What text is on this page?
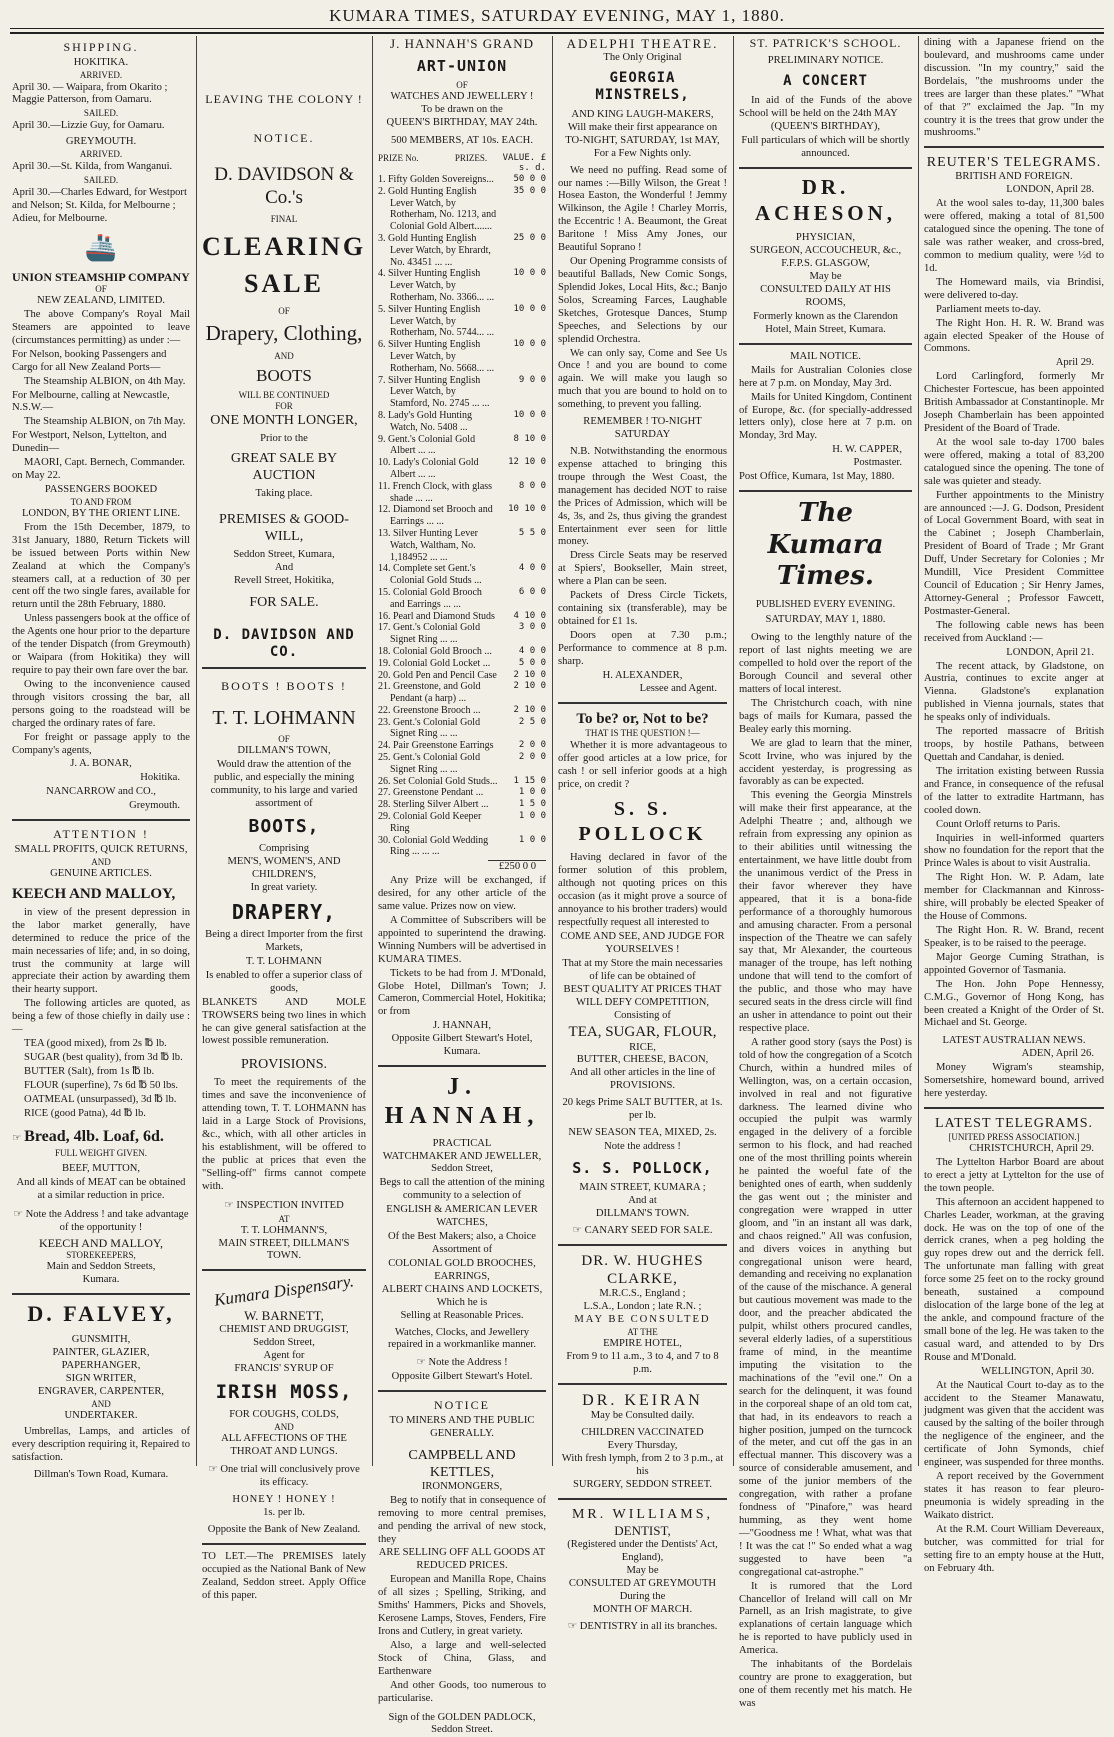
KUMARA TIMES, SATURDAY EVENING, MAY 1, 1880.
SHIPPING.
HOKITIKA.
ARRIVED.

April 30. — Waipara, from Okarito ; Maggie Patterson, from Oamaru.

SAILED.

April 30.—Lizzie Guy, for Oamaru.

GREYMOUTH.
ARRIVED.

April 30.—St. Kilda, from Wanganui.

SAILED.

April 30.—Charles Edward, for Westport and Nelson; St. Kilda, for Melbourne ; Adieu, for Melbourne.

🚢
UNION STEAMSHIP COMPANY
OF
NEW ZEALAND, LIMITED.

The above Company's Royal Mail Steamers are appointed to leave (circumstances permitting) as under :—

For Nelson, booking Passengers and Cargo for all New Zealand Ports—

The Steamship ALBION, on 4th May.

For Melbourne, calling at Newcastle, N.S.W.—

The Steamship ALBION, on 7th May.

For Westport, Nelson, Lyttelton, and Dunedin—

MAORI, Capt. Bernech, Commander. on May 22.

PASSENGERS BOOKED
TO AND FROM
LONDON, BY THE ORIENT LINE.

From the 15th December, 1879, to 31st January, 1880, Return Tickets will be issued between Ports within New Zealand at which the Company's steamers call, at a reduction of 30 per cent off the two single fares, available for return until the 28th February, 1880.

Unless passengers book at the office of the Agents one hour prior to the departure of the tender Dispatch (from Greymouth) or Waipara (from Hokitika) they will require to pay their own fare over the bar.

Owing to the inconvenience caused through visitors crossing the bar, all persons going to the roadstead will be charged the ordinary rates of fare.

For freight or passage apply to the Company's agents,

J. A. BONAR,

Hokitika.

NANCARROW and CO.,

Greymouth.

ATTENTION !
SMALL PROFITS, QUICK RETURNS,
AND
GENUINE ARTICLES.
KEECH AND MALLOY,

in view of the present depression in the labor market generally, have determined to reduce the price of the main necessaries of life; and, in so doing, trust the community at large will appreciate their action by awarding them their hearty support.

The following articles are quoted, as being a few of those chiefly in daily use :—

TEA (good mixed), from 2s ℔ lb.

SUGAR (best quality), from 3d ℔ lb.

BUTTER (Salt), from 1s ℔ lb.

FLOUR (superfine), 7s 6d ℔ 50 lbs.

OATMEAL (unsurpassed), 3d ℔ lb.

RICE (good Patna), 4d ℔ lb.

☞ Bread, 4lb. Loaf, 6d.
FULL WEIGHT GIVEN.
BEEF, MUTTON,

And all kinds of MEAT can be obtained at a similar reduction in price.

☞ Note the Address ! and take advantage of the opportunity !

KEECH AND MALLOY,
STOREKEEPERS,
Main and Seddon Streets,
Kumara.
D. FALVEY,
GUNSMITH,
PAINTER, GLAZIER, PAPERHANGER,
SIGN WRITER,
ENGRAVER, CARPENTER,
AND
UNDERTAKER.

Umbrellas, Lamps, and articles of every description requiring it, Repaired to satisfaction.

Dillman's Town Road, Kumara.

LEAVING THE COLONY !
NOTICE.
D. DAVIDSON & Co.'s
FINAL
CLEARING
SALE
OF
Drapery, Clothing,
AND
BOOTS
WILL BE CONTINUED
FOR
ONE MONTH LONGER,
Prior to the
GREAT SALE BY AUCTION
Taking place.
PREMISES & GOOD-WILL,
Seddon Street, Kumara,
And
Revell Street, Hokitika,
FOR SALE.
D. DAVIDSON AND CO.
BOOTS ! BOOTS !
T. T. LOHMANN
OF
DILLMAN'S TOWN,

Would draw the attention of the public, and especially the mining community, to his large and varied assortment of

BOOTS,
Comprising
MEN'S, WOMEN'S, AND CHILDREN'S,
In great variety.
DRAPERY,

Being a direct Importer from the first Markets,

T. T. LOHMANN

Is enabled to offer a superior class of goods,

BLANKETS AND MOLE TROWSERS being two lines in which he can give general satisfaction at the lowest possible remuneration.

PROVISIONS.

To meet the requirements of the times and save the inconvenience of attending town, T. T. LOHMANN has laid in a Large Stock of Provisions, &c., which, with all other articles in his establishment, will be offered to the public at prices that even the "Selling-off" firms cannot compete with.

☞ INSPECTION INVITED

AT
T. T. LOHMANN'S,
MAIN STREET, DILLMAN'S TOWN.
Kumara Dispensary.
W. BARNETT,
CHEMIST AND DRUGGIST,
Seddon Street,
Agent for
FRANCIS' SYRUP OF
IRISH MOSS,
FOR COUGHS, COLDS,
AND
ALL AFFECTIONS OF THE THROAT AND LUNGS.

☞ One trial will conclusively prove its efficacy.

HONEY ! HONEY !
1s. per lb.
Opposite the Bank of New Zealand.

TO LET.—The PREMISES lately occupied as the National Bank of New Zealand, Seddon street. Apply Office of this paper.

J. HANNAH'S GRAND
ART-UNION
OF
WATCHES AND JEWELLERY !
To be drawn on the
QUEEN'S BIRTHDAY, MAY 24th.
500 MEMBERS, AT 10s. EACH.
PRIZE No.	PRIZES.	VALUE. £ s. d.
1. Fifty Golden Sovereigns...	50 0 0
2. Gold Hunting English Lever Watch, by Rotherham, No. 1213, and Colonial Gold Albert.......
35 0 0
3. Gold Hunting English Lever Watch, by Ehrardt, No. 43451 ... ...
25 0 0
4. Silver Hunting English Lever Watch, by Rotherham, No. 3366... ...
10 0 0
5. Silver Hunting English Lever Watch, by Rotherham, No. 5744... ...
10 0 0
6. Silver Hunting English Lever Watch, by Rotherham, No. 5668... ...
10 0 0
7. Silver Hunting English Lever Watch, by Stamford, No. 2745 ... ...
9 0 0
8. Lady's Gold Hunting Watch, No. 5408 ...
10 0 0
9. Gent.'s Colonial Gold Albert ... ...
8 10 0
10. Lady's Colonial Gold Albert ... ...
12 10 0
11. French Clock, with glass shade ... ...
8 0 0
12. Diamond set Brooch and Earrings ... ...
10 10 0
13. Silver Hunting Lever Watch, Waltham, No. 1,184952 ... ...
5 5 0
14. Complete set Gent.'s Colonial Gold Studs ...
4 0 0
15. Colonial Gold Brooch and Earrings ... ...
6 0 0
16. Pearl and Diamond Studs	4 10 0
17. Gent.'s Colonial Gold Signet Ring ... ...
3 0 0
18. Colonial Gold Brooch ...	4 0 0
19. Colonial Gold Locket ...	5 0 0
20. Gold Pen and Pencil Case	2 10 0
21. Greenstone, and Gold Pendant (a harp) ...
2 10 0
22. Greenstone Brooch ...	2 10 0
23. Gent.'s Colonial Gold Signet Ring ... ...
2 5 0
24. Pair Greenstone Earrings	2 0 0
25. Gent.'s Colonial Gold Signet Ring ... ...
2 0 0
26. Set Colonial Gold Studs...	1 15 0
27. Greenstone Pendant ...	1 0 0
28. Sterling Silver Albert ...	1 5 0
29. Colonial Gold Keeper Ring
1 0 0
30. Colonial Gold Wedding Ring ... ... ...
1 0 0
£250 0 0

Any Prize will be exchanged, if desired, for any other article of the same value. Prizes now on view.

A Committee of Subscribers will be appointed to superintend the drawing. Winning Numbers will be advertised in KUMARA TIMES.

Tickets to be had from J. M'Donald, Globe Hotel, Dillman's Town; J. Cameron, Commercial Hotel, Hokitika; or from

J. HANNAH,
Opposite Gilbert Stewart's Hotel, Kumara.
J. HANNAH,
PRACTICAL
WATCHMAKER AND JEWELLER,
Seddon Street,

Begs to call the attention of the mining community to a selection of

ENGLISH & AMERICAN LEVER WATCHES,

Of the Best Makers; also, a Choice Assortment of

COLONIAL GOLD BROOCHES, EARRINGS,
ALBERT CHAINS AND LOCKETS,
Which he is
Selling at Reasonable Prices.

Watches, Clocks, and Jewellery repaired in a workmanlike manner.

☞ Note the Address !

Opposite Gilbert Stewart's Hotel.
NOTICE
TO MINERS AND THE PUBLIC GENERALLY.
CAMPBELL AND KETTLES,
IRONMONGERS,

Beg to notify that in consequence of removing to more central premises, and pending the arrival of new stock, they

ARE SELLING OFF ALL GOODS AT REDUCED PRICES.

European and Manilla Rope, Chains of all sizes ; Spelling, Striking, and Smiths' Hammers, Picks and Shovels, Kerosene Lamps, Stoves, Fenders, Fire Irons and Cutlery, in great variety.

Also, a large and well-selected Stock of China, Glass, and Earthenware

And other Goods, too numerous to particularise.

Sign of the GOLDEN PADLOCK, Seddon Street.

ADELPHI THEATRE.
The Only Original
GEORGIA MINSTRELS,
AND KING LAUGH-MAKERS,
Will make their first appearance on
TO-NIGHT, SATURDAY, 1st MAY,
For a Few Nights only.

We need no puffing. Read some of our names :—Billy Wilson, the Great ! Hosea Easton, the Wonderful ! Jemmy Wilkinson, the Agile ! Charley Morris, the Eccentric ! A. Beaumont, the Great Baritone ! Miss Amy Jones, our Beautiful Soprano !

Our Opening Programme consists of beautiful Ballads, New Comic Songs, Splendid Jokes, Local Hits, &c.; Banjo Solos, Screaming Farces, Laughable Sketches, Grotesque Dances, Stump Speeches, and Selections by our splendid Orchestra.

We can only say, Come and See Us Once ! and you are bound to come again. We will make you laugh so much that you are bound to hold on to something, to prevent you falling.

REMEMBER ! TO-NIGHT SATURDAY

N.B. Notwithstanding the enormous expense attached to bringing this troupe through the West Coast, the management has decided NOT to raise the Prices of Admission, which will be 4s, 3s, and 2s, thus giving the grandest Entertainment ever seen for little money.

Dress Circle Seats may be reserved at Spiers', Bookseller, Main street, where a Plan can be seen.

Packets of Dress Circle Tickets, containing six (transferable), may be obtained for £1 1s.

Doors open at 7.30 p.m.; Performance to commence at 8 p.m. sharp.

H. ALEXANDER,
Lessee and Agent.
To be? or, Not to be?
THAT IS THE QUESTION !—

Whether it is more advantageous to offer good articles at a low price, for cash ! or sell inferior goods at a high price, on credit ?

S. S. POLLOCK

Having declared in favor of the former solution of this problem, although not quoting prices on this occasion (as it might prove a source of annoyance to his brother traders) would respectfully request all interested to

COME AND SEE, AND JUDGE FOR YOURSELVES !

That at my Store the main necessaries of life can be obtained of

BEST QUALITY AT PRICES THAT WILL DEFY COMPETITION,
Consisting of
TEA, SUGAR, FLOUR,
RICE,
BUTTER, CHEESE, BACON,
And all other articles in the line of
PROVISIONS.

20 kegs Prime SALT BUTTER, at 1s. per lb.

NEW SEASON TEA, MIXED, 2s.

Note the address !
S. S. POLLOCK,
MAIN STREET, KUMARA ;
And at
DILLMAN'S TOWN.

☞ CANARY SEED FOR SALE.

DR. W. HUGHES CLARKE,
M.R.C.S., England ;
L.S.A., London ; late R.N. ;
MAY BE CONSULTED
AT THE
EMPIRE HOTEL,
From 9 to 11 a.m., 3 to 4, and 7 to 8 p.m.
DR. KEIRAN
May be Consulted daily.
CHILDREN VACCINATED
Every Thursday,
With fresh lymph, from 2 to 3 p.m., at his
SURGERY, SEDDON STREET.
MR. WILLIAMS,
DENTIST,
(Registered under the Dentists' Act, England),
May be
CONSULTED AT GREYMOUTH
During the
MONTH OF MARCH.

☞ DENTISTRY in all its branches.

ST. PATRICK'S SCHOOL.
PRELIMINARY NOTICE.
A CONCERT

In aid of the Funds of the above School will be held on the 24th MAY

(QUEEN'S BIRTHDAY),

Full particulars of which will be shortly announced.

DR. ACHESON,
PHYSICIAN,
SURGEON, ACCOUCHEUR, &c.,
F.F.P.S. GLASGOW,
May be
CONSULTED DAILY AT HIS ROOMS,

Formerly known as the Clarendon Hotel, Main Street, Kumara.

MAIL NOTICE.

Mails for Australian Colonies close here at 7 p.m. on Monday, May 3rd.

Mails for United Kingdom, Continent of Europe, &c. (for specially-addressed letters only), close here at 7 p.m. on Monday, 3rd May.

H. W. CAPPER,
Postmaster.

Post Office, Kumara, 1st May, 1880.

The Kumara Times.
PUBLISHED EVERY EVENING.
SATURDAY, MAY 1, 1880.

Owing to the lengthly nature of the report of last nights meeting we are compelled to hold over the report of the Borough Council and several other matters of local interest.

The Christchurch coach, with nine bags of mails for Kumara, passed the Bealey early this morning.

We are glad to learn that the miner, Scott Irvine, who was injured by the accident yesterday, is progressing as favorably as can be expected.

This evening the Georgia Minstrels will make their first appearance, at the Adelphi Theatre ; and, although we refrain from expressing any opinion as to their abilities until witnessing the entertainment, we have little doubt from the unanimous verdict of the Press in their favor wherever they have appeared, that it is a bona-fide performance of a thoroughly humorous and amusing character. From a personal inspection of the Theatre we can safely say that, Mr Alexander, the courteous manager of the troupe, has left nothing undone that will tend to the comfort of the public, and those who may have secured seats in the dress circle will find an usher in attendance to point out their respective place.

A rather good story (says the Post) is told of how the congregation of a Scotch Church, within a hundred miles of Wellington, was, on a certain occasion, involved in real and not figurative darkness. The learned divine who occupied the pulpit was warmly engaged in the delivery of a forcible sermon to his flock, and had reached one of the most thrilling points wherein he painted the woeful fate of the benighted ones of earth, when suddenly the gas went out ; the minister and congregation were wrapped in utter gloom, and "in an instant all was dark, and chaos reigned." All was confusion, and divers voices in anything but congregational unison were heard, demanding and receiving no explanation of the cause of the mischance. A general but cautious movement was made to the door, and the preacher abdicated the pulpit, whilst others procured candles, several elderly ladies, of a superstitious frame of mind, in the meantime imputing the visitation to the machinations of the "evil one." On a search for the delinquent, it was found in the corporeal shape of an old tom cat, that had, in its endeavors to reach a higher position, jumped on the turncock of the meter, and cut off the gas in an effectual manner. This discovery was a source of considerable amusement, and some of the junior members of the congregation, with rather a profane fondness of "Pinafore," was heard humming, as they went home—"Goodness me ! What, what was that ! It was the cat !" So ended what a wag suggested to have been "a congregational cat-astrophe."

It is rumored that the Lord Chancellor of Ireland will call on Mr Parnell, as an Irish magistrate, to give explanations of certain language which he is reported to have publicly used in America.

The inhabitants of the Bordelais country are prone to exaggeration, but one of them recently met his match. He was

dining with a Japanese friend on the boulevard, and mushrooms came under discussion. "In my country," said the Bordelais, "the mushrooms under the trees are larger than these plates." "What of that ?" exclaimed the Jap. "In my country it is the trees that grow under the mushrooms."

REUTER'S TELEGRAMS.
BRITISH AND FOREIGN.
LONDON, April 28.

At the wool sales to-day, 11,300 bales were offered, making a total of 81,500 catalogued since the opening. The tone of sale was rather weaker, and cross-bred, common to medium quality, were ½d to 1d.

The Homeward mails, via Brindisi, were delivered to-day.

Parliament meets to-day.

The Right Hon. H. R. W. Brand was again elected Speaker of the House of Commons.

April 29.

Lord Carlingford, formerly Mr Chichester Fortescue, has been appointed British Ambassador at Constantinople. Mr Joseph Chamberlain has been appointed President of the Board of Trade.

At the wool sale to-day 1700 bales were offered, making a total of 83,200 catalogued since the opening. The tone of sale was quieter and steady.

Further appointments to the Ministry are announced :—J. G. Dodson, President of Local Government Board, with seat in the Cabinet ; Joseph Chamberlain, President of Board of Trade ; Mr Grant Duff, Under Secretary for Colonies ; Mr Mundill, Vice President Committee Council of Education ; Sir Henry James, Attorney-General ; Professor Fawcett, Postmaster-General.

The following cable news has been received from Auckland :—

LONDON, April 21.

The recent attack, by Gladstone, on Austria, continues to excite anger at Vienna. Gladstone's explanation published in Vienna journals, states that he speaks only of individuals.

The reported massacre of British troops, by hostile Pathans, between Quettah and Candahar, is denied.

The irritation existing between Russia and France, in consequence of the refusal of the latter to extradite Hartmann, has cooled down.

Count Orloff returns to Paris.

Inquiries in well-informed quarters show no foundation for the report that the Prince Wales is about to visit Australia.

The Right Hon. W. P. Adam, late member for Clackmannan and Kinross-shire, will probably be elected Speaker of the House of Commons.

The Right Hon. R. W. Brand, recent Speaker, is to be raised to the peerage.

Major George Cuming Strathan, is appointed Governor of Tasmania.

The Hon. John Pope Hennessy, C.M.G., Governor of Hong Kong, has been created a Knight of the Order of St. Michael and St. George.

LATEST AUSTRALIAN NEWS.
ADEN, April 26.

Money Wigram's steamship, Somersetshire, homeward bound, arrived here yesterday.

LATEST TELEGRAMS.
[UNITED PRESS ASSOCIATION.]
CHRISTCHURCH, April 29.

The Lyttelton Harbor Board are about to erect a jetty at Lyttelton for the use of the town people.

This afternoon an accident happened to Charles Leader, workman, at the graving dock. He was on the top of one of the derrick cranes, when a peg holding the guy ropes drew out and the derrick fell. The unfortunate man falling with great force some 25 feet on to the rocky ground beneath, sustained a compound dislocation of the large bone of the leg at the ankle, and compound fracture of the small bone of the leg. He was taken to the casual ward, and attended to by Drs Rouse and M'Donald.

WELLINGTON, April 30.

At the Nautical Court to-day as to the accident to the Steamer Manawatu, judgment was given that the accident was caused by the salting of the boiler through the negligence of the engineer, and the certificate of John Symonds, chief engineer, was suspended for three months.

A report received by the Government states it has reason to fear pleuro-pneumonia is widely spreading in the Waikato district.

At the R.M. Court William Devereaux, butcher, was committed for trial for setting fire to an empty house at the Hutt, on February 4th.
